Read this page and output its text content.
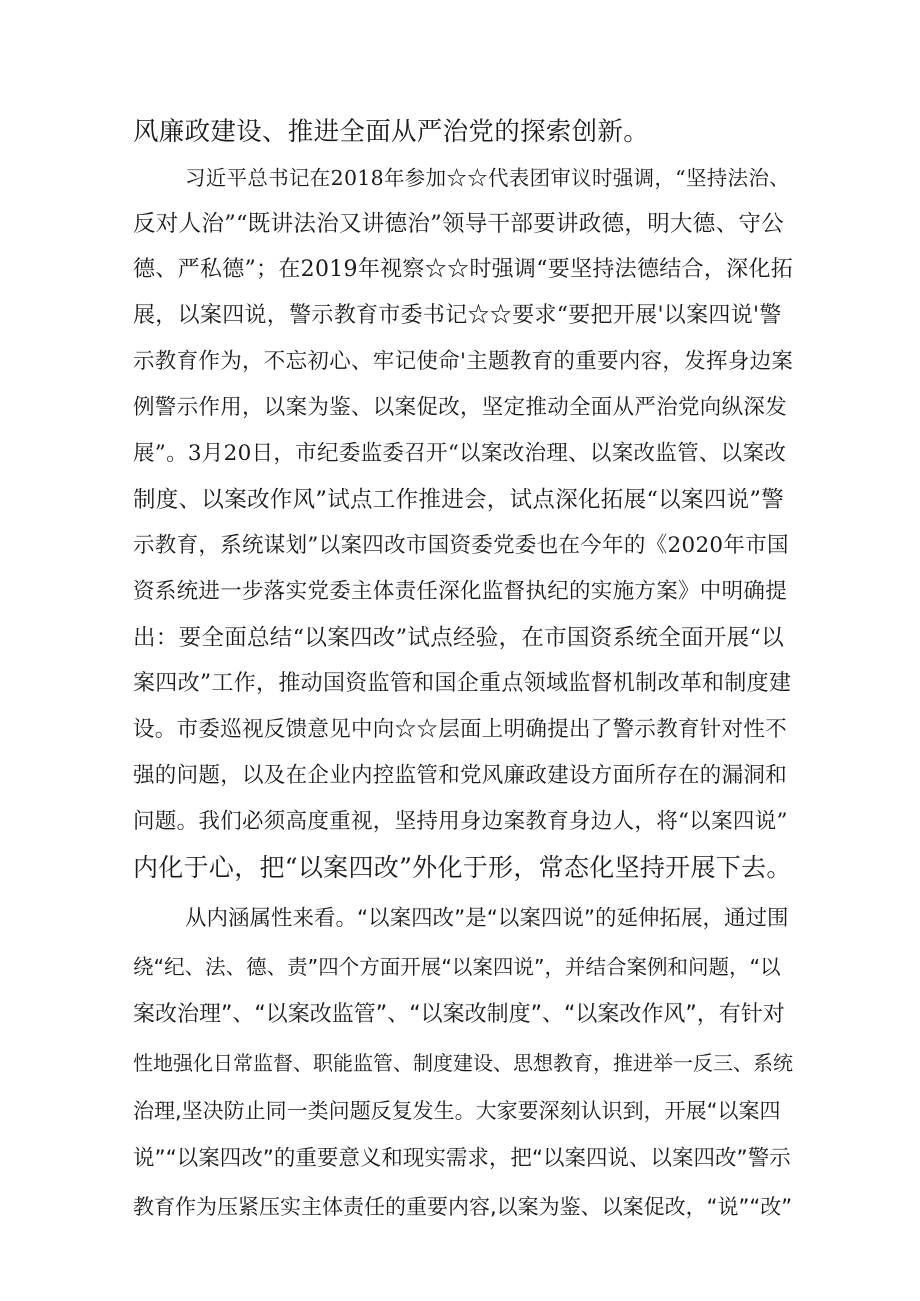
风廉政建设、推进全面从严治党的探索创新。
习近平总书记在2018年参加☆☆代表团审议时强调，“坚持法治、
反对人治”“既讲法治又讲德治”领导干部要讲政德，明大德、守公
德、严私德”；在2019年视察☆☆时强调“要坚持法德结合，深化拓
展，以案四说，警示教育市委书记☆☆要求“要把开展'以案四说'警
示教育作为，不忘初心、牢记使命'主题教育的重要内容，发挥身边案
例警示作用，以案为鉴、以案促改，坚定推动全面从严治党向纵深发
展”。3月20日，市纪委监委召开“以案改治理、以案改监管、以案改
制度、以案改作风”试点工作推进会，试点深化拓展“以案四说”警
示教育，系统谋划”以案四改市国资委党委也在今年的《2020年市国
资系统进一步落实党委主体责任深化监督执纪的实施方案》中明确提
出：要全面总结“以案四改”试点经验，在市国资系统全面开展“以
案四改”工作，推动国资监管和国企重点领域监督机制改革和制度建
设。市委巡视反馈意见中向☆☆层面上明确提出了警示教育针对性不
强的问题，以及在企业内控监管和党风廉政建设方面所存在的漏洞和
问题。我们必须高度重视，坚持用身边案教育身边人，将“以案四说”
内化于心，把“以案四改”外化于形，常态化坚持开展下去。
从内涵属性来看。“以案四改”是“以案四说”的延伸拓展，通过围
绕“纪、法、德、责”四个方面开展“以案四说”，并结合案例和问题，“以
案改治理”、“以案改监管”、“以案改制度”、“以案改作风”，有针对
性地强化日常监督、职能监管、制度建设、思想教育，推进举一反三、系统
治理,坚决防止同一类问题反复发生。大家要深刻认识到，开展“以案四
说”“以案四改”的重要意义和现实需求，把“以案四说、以案四改”警示
教育作为压紧压实主体责任的重要内容,以案为鉴、以案促改，“说”“改”
